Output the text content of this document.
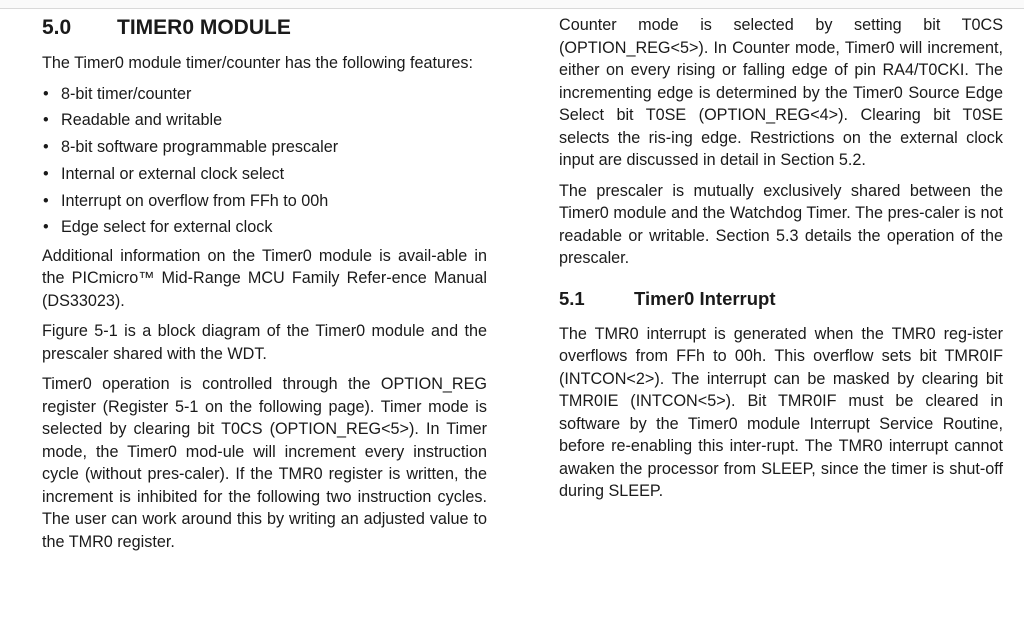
5.0	TIMER0 MODULE

The Timer0 module timer/counter has the following features:

• 8-bit timer/counter
• Readable and writable
• 8-bit software programmable prescaler
• Internal or external clock select
• Interrupt on overflow from FFh to 00h
• Edge select for external clock

Additional information on the Timer0 module is avail-able in the PICmicro™ Mid-Range MCU Family Refer-ence Manual (DS33023).

Figure 5-1 is a block diagram of the Timer0 module and the prescaler shared with the WDT.

Timer0 operation is controlled through the OPTION_REG register (Register 5-1 on the following page). Timer mode is selected by clearing bit T0CS (OPTION_REG<5>). In Timer mode, the Timer0 mod-ule will increment every instruction cycle (without pres-caler). If the TMR0 register is written, the increment is inhibited for the following two instruction cycles. The user can work around this by writing an adjusted value to the TMR0 register.

Counter mode is selected by setting bit T0CS (OPTION_REG<5>). In Counter mode, Timer0 will increment, either on every rising or falling edge of pin RA4/T0CKI. The incrementing edge is determined by the Timer0 Source Edge Select bit T0SE (OPTION_REG<4>). Clearing bit T0SE selects the ris-ing edge. Restrictions on the external clock input are discussed in detail in Section 5.2.

The prescaler is mutually exclusively shared between the Timer0 module and the Watchdog Timer. The pres-caler is not readable or writable. Section 5.3 details the operation of the prescaler.

5.1	Timer0 Interrupt

The TMR0 interrupt is generated when the TMR0 reg-ister overflows from FFh to 00h. This overflow sets bit TMR0IF (INTCON<2>). The interrupt can be masked by clearing bit TMR0IE (INTCON<5>). Bit TMR0IF must be cleared in software by the Timer0 module Interrupt Service Routine, before re-enabling this inter-rupt. The TMR0 interrupt cannot awaken the processor from SLEEP, since the timer is shut-off during SLEEP.
